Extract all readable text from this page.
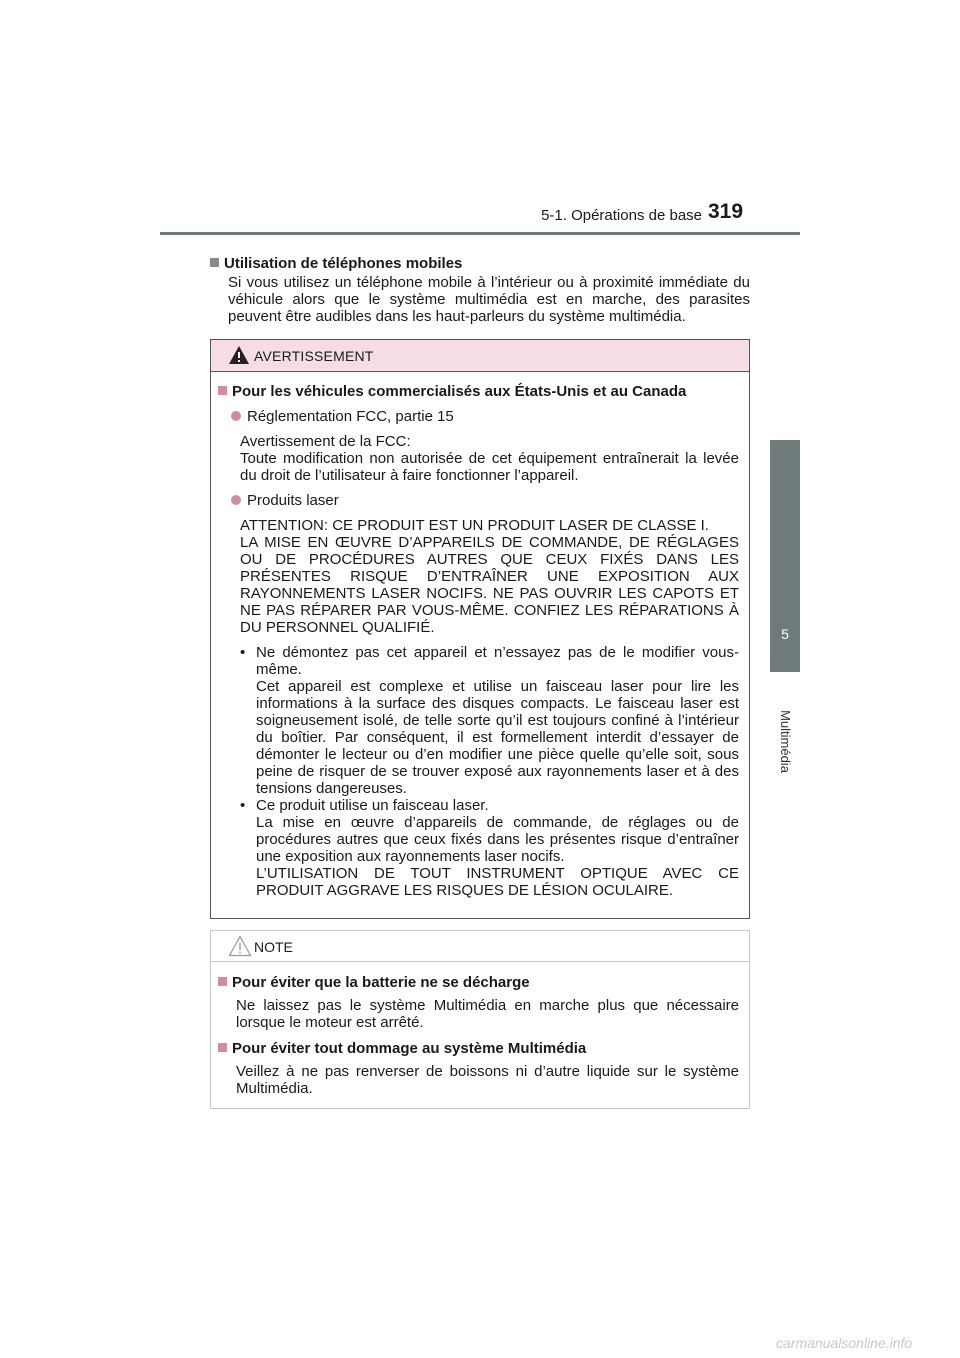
5-1. Opérations de base 319
5
Multimédia
Utilisation de téléphones mobiles

Si vous utilisez un téléphone mobile à l’intérieur ou à proximité immédiate du véhicule alors que le système multimédia est en marche, des parasites peuvent être audibles dans les haut-parleurs du système multimédia.

AVERTISSEMENT
Pour les véhicules commercialisés aux États-Unis et au Canada
Réglementation FCC, partie 15

Avertissement de la FCC:

Toute modification non autorisée de cet équipement entraînerait la levée du droit de l’utilisateur à faire fonctionner l’appareil.

Produits laser

ATTENTION: CE PRODUIT EST UN PRODUIT LASER DE CLASSE I.

LA MISE EN ŒUVRE D’APPAREILS DE COMMANDE, DE RÉGLAGES OU DE PROCÉDURES AUTRES QUE CEUX FIXÉS DANS LES PRÉSENTES RISQUE D’ENTRAÎNER UNE EXPOSITION AUX RAYONNEMENTS LASER NOCIFS. NE PAS OUVRIR LES CAPOTS ET NE PAS RÉPARER PAR VOUS-MÊME. CONFIEZ LES RÉPARATIONS À DU PERSONNEL QUALIFIÉ.

• Ne démontez pas cet appareil et n’essayez pas de le modifier vous-même.
Cet appareil est complexe et utilise un faisceau laser pour lire les informations à la surface des disques compacts. Le faisceau laser est soigneusement isolé, de telle sorte qu’il est toujours confiné à l’intérieur du boîtier. Par conséquent, il est formellement interdit d’essayer de démonter le lecteur ou d’en modifier une pièce quelle qu’elle soit, sous peine de risquer de se trouver exposé aux rayonnements laser et à des tensions dangereuses.
• Ce produit utilise un faisceau laser.
La mise en œuvre d’appareils de commande, de réglages ou de procédures autres que ceux fixés dans les présentes risque d’entraîner une exposition aux rayonnements laser nocifs.
L’UTILISATION DE TOUT INSTRUMENT OPTIQUE AVEC CE PRODUIT AGGRAVE LES RISQUES DE LÉSION OCULAIRE.
NOTE
Pour éviter que la batterie ne se décharge

Ne laissez pas le système Multimédia en marche plus que nécessaire lorsque le moteur est arrêté.

Pour éviter tout dommage au système Multimédia

Veillez à ne pas renverser de boissons ni d’autre liquide sur le système Multimédia.

carmanualsonline.info
